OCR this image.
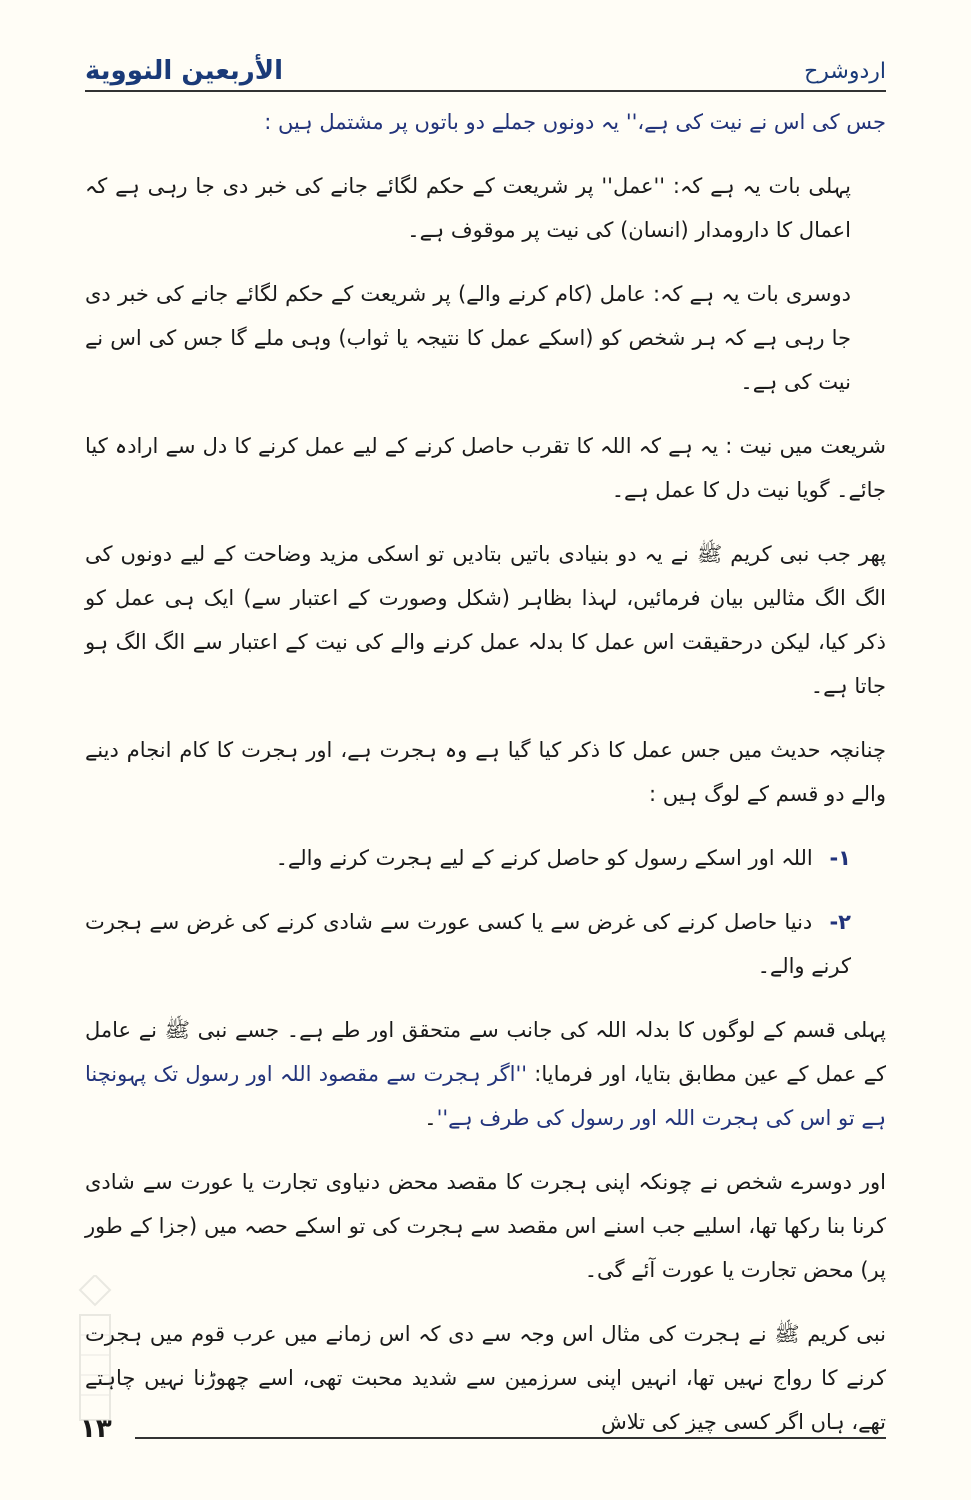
اردوشرح
الأربعين النووية

جس کی اس نے نیت کی ہے،'' یہ دونوں جملے دو باتوں پر مشتمل ہیں :

پہلی بات یہ ہے کہ: ''عمل'' پر شریعت کے حکم لگائے جانے کی خبر دی جا رہی ہے کہ اعمال کا دارومدار (انسان) کی نیت پر موقوف ہے۔

دوسری بات یہ ہے کہ: عامل (کام کرنے والے) پر شریعت کے حکم لگائے جانے کی خبر دی جا رہی ہے کہ ہر شخص کو (اسکے عمل کا نتیجہ یا ثواب) وہی ملے گا جس کی اس نے نیت کی ہے۔

شریعت میں نیت : یہ ہے کہ اللہ کا تقرب حاصل کرنے کے لیے عمل کرنے کا دل سے ارادہ کیا جائے۔ گویا نیت دل کا عمل ہے۔

پھر جب نبی کریم ﷺ نے یہ دو بنیادی باتیں بتادیں تو اسکی مزید وضاحت کے لیے دونوں کی الگ الگ مثالیں بیان فرمائیں، لہذا بظاہر (شکل وصورت کے اعتبار سے) ایک ہی عمل کو ذکر کیا، لیکن درحقیقت اس عمل کا بدلہ عمل کرنے والے کی نیت کے اعتبار سے الگ الگ ہو جاتا ہے۔

چنانچہ حدیث میں جس عمل کا ذکر کیا گیا ہے وہ ہجرت ہے، اور ہجرت کا کام انجام دینے والے دو قسم کے لوگ ہیں :

١- اللہ اور اسکے رسول کو حاصل کرنے کے لیے ہجرت کرنے والے۔
٢- دنیا حاصل کرنے کی غرض سے یا کسی عورت سے شادی کرنے کی غرض سے ہجرت کرنے والے۔

پہلی قسم کے لوگوں کا بدلہ اللہ کی جانب سے متحقق اور طے ہے۔ جسے نبی ﷺ نے عامل کے عمل کے عین مطابق بتایا، اور فرمایا: ''اگر ہجرت سے مقصود اللہ اور رسول تک پہونچنا ہے تو اس کی ہجرت اللہ اور رسول کی طرف ہے''۔

اور دوسرے شخص نے چونکہ اپنی ہجرت کا مقصد محض دنیاوی تجارت یا عورت سے شادی کرنا بنا رکھا تھا، اسلیے جب اسنے اس مقصد سے ہجرت کی تو اسکے حصہ میں (جزا کے طور پر) محض تجارت یا عورت آئے گی۔

نبی کریم ﷺ نے ہجرت کی مثال اس وجہ سے دی کہ اس زمانے میں عرب قوم میں ہجرت کرنے کا رواج نہیں تھا، انہیں اپنی سرزمین سے شدید محبت تھی، اسے چھوڑنا نہیں چاہتے تھے، ہاں اگر کسی چیز کی تلاش

١٣
